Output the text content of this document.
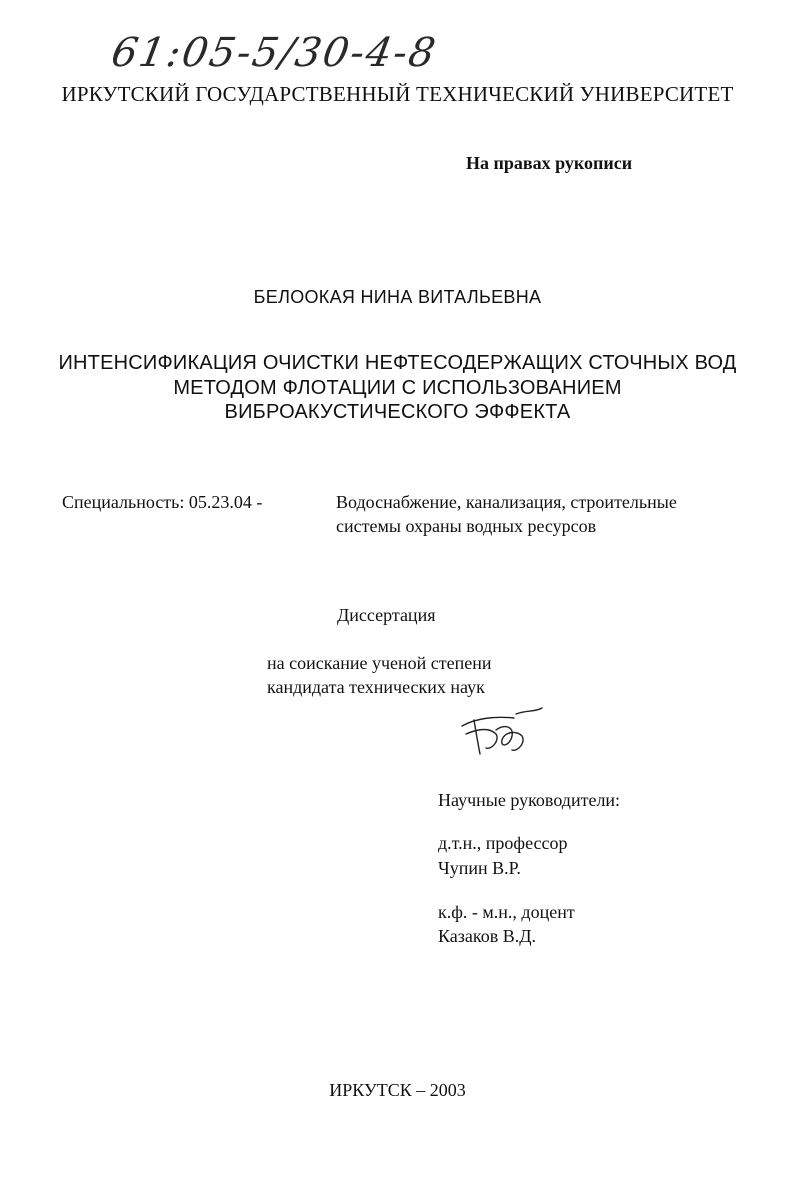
61:05-5/30-4-8
ИРКУТСКИЙ ГОСУДАРСТВЕННЫЙ ТЕХНИЧЕСКИЙ УНИВЕРСИТЕТ
На правах рукописи
БЕЛООКАЯ НИНА ВИТАЛЬЕВНА
ИНТЕНСИФИКАЦИЯ ОЧИСТКИ НЕФТЕСОДЕРЖАЩИХ СТОЧНЫХ ВОД
МЕТОДОМ ФЛОТАЦИИ С ИСПОЛЬЗОВАНИЕМ
ВИБРОАКУСТИЧЕСКОГО ЭФФЕКТА
Специальность: 05.23.04 -	Водоснабжение, канализация, строительные
системы охраны водных ресурсов
Диссертация
на соискание ученой степени
кандидата технических наук
Научные руководители:
д.т.н., профессор
Чупин В.Р.
к.ф. - м.н., доцент
Казаков В.Д.
ИРКУТСК – 2003
